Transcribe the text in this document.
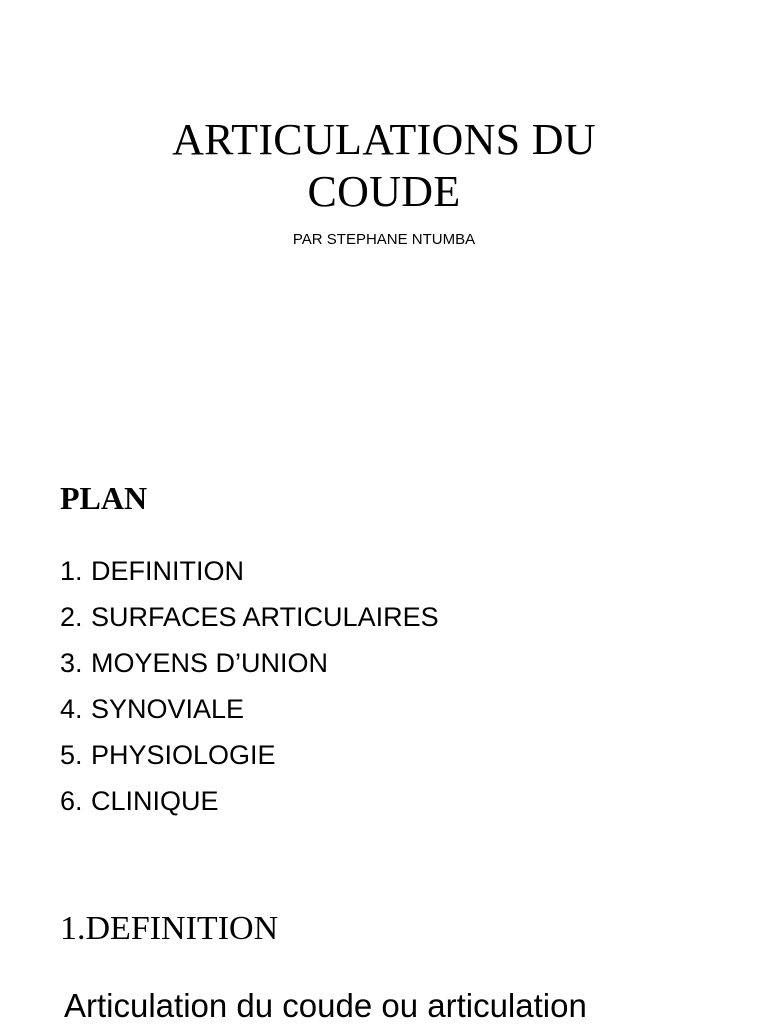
ARTICULATIONS DU
COUDE
PAR STEPHANE NTUMBA
PLAN
1. DEFINITION
2. SURFACES ARTICULAIRES
3. MOYENS D’UNION
4. SYNOVIALE
5. PHYSIOLOGIE
6. CLINIQUE
1.DEFINITION

Articulation du coude ou articulation
